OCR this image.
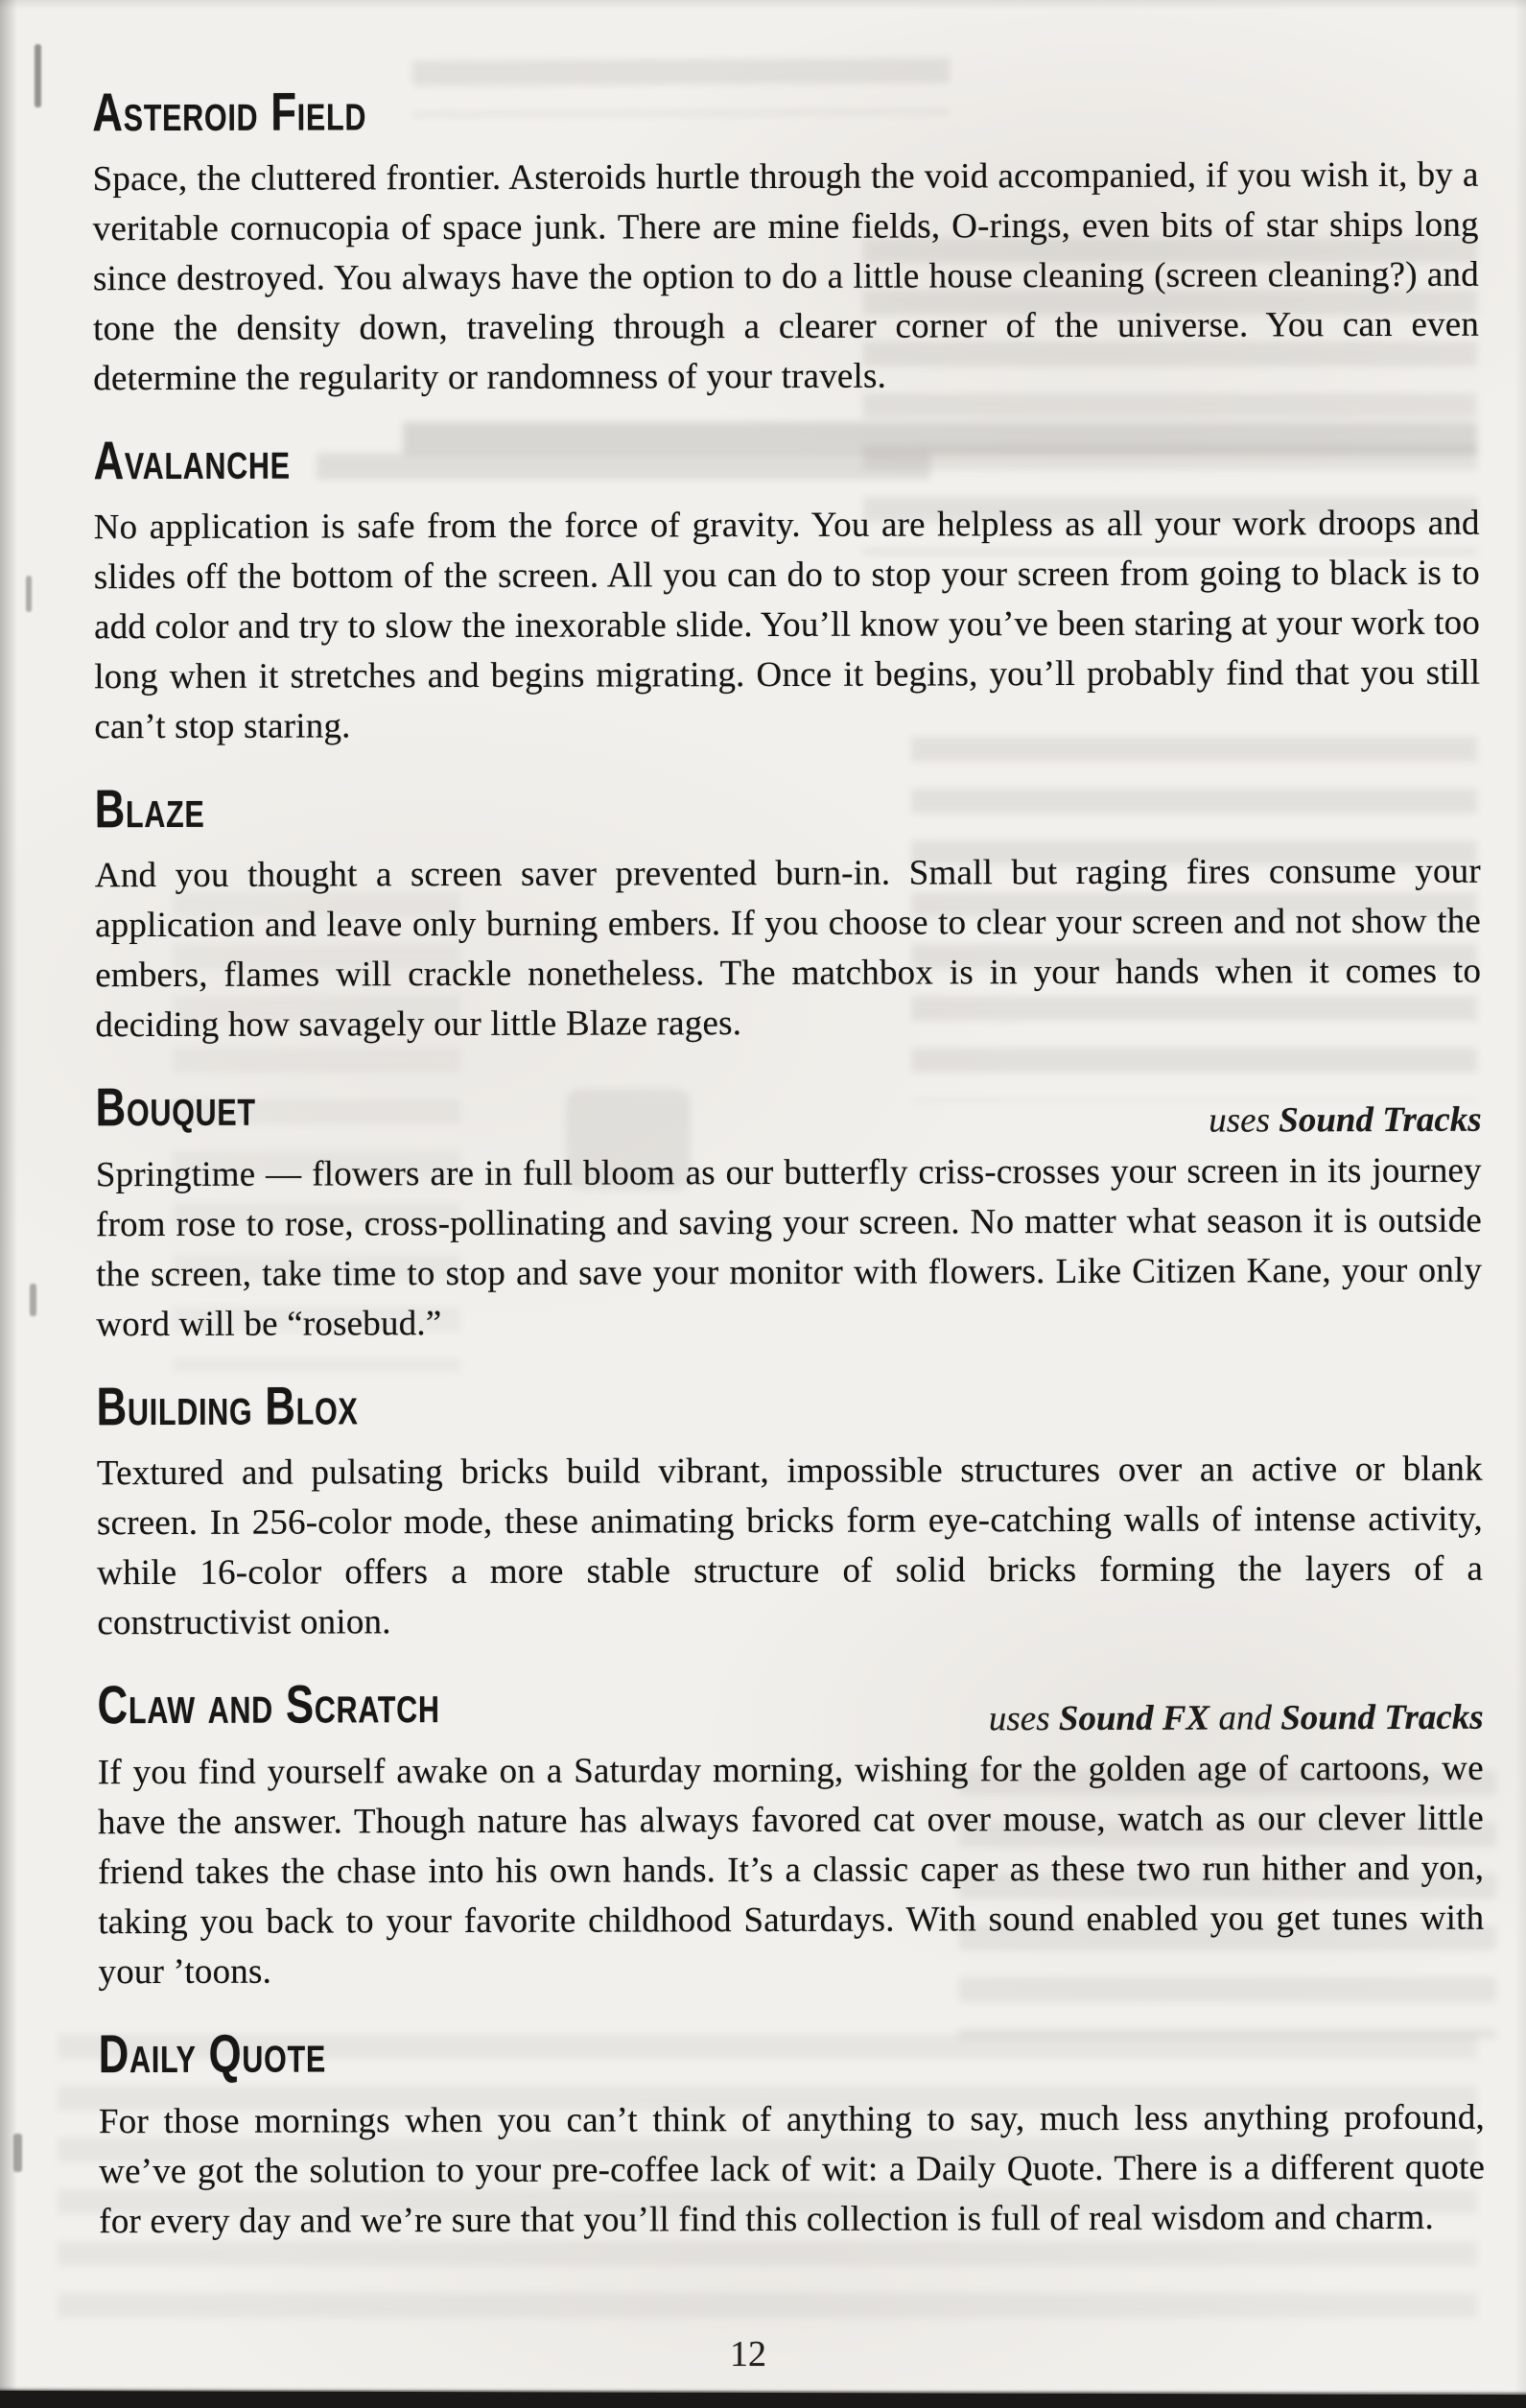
Asteroid Field

Space, the cluttered frontier. Asteroids hurtle through the void accompanied, if you wish it, by a veritable cornucopia of space junk. There are mine fields, O-rings, even bits of star ships long since destroyed. You always have the option to do a little house cleaning (screen cleaning?) and tone the density down, traveling through a clearer corner of the universe. You can even determine the regularity or randomness of your travels.

Avalanche

No application is safe from the force of gravity. You are helpless as all your work droops and slides off the bottom of the screen. All you can do to stop your screen from going to black is to add color and try to slow the inexorable slide. You’ll know you’ve been staring at your work too long when it stretches and begins migrating. Once it begins, you’ll probably find that you still can’t stop staring.

Blaze

And you thought a screen saver prevented burn-in. Small but raging fires consume your application and leave only burning embers. If you choose to clear your screen and not show the embers, flames will crackle nonetheless. The matchbox is in your hands when it comes to deciding how savagely our little Blaze rages.

Bouquet	uses Sound Tracks

Springtime — flowers are in full bloom as our butterfly criss-crosses your screen in its journey from rose to rose, cross-pollinating and saving your screen. No matter what season it is outside the screen, take time to stop and save your monitor with flowers. Like Citizen Kane, your only word will be “rosebud.”

Building Blox

Textured and pulsating bricks build vibrant, impossible structures over an active or blank screen. In 256-color mode, these animating bricks form eye-catching walls of intense activity, while 16-color offers a more stable structure of solid bricks forming the layers of a constructivist onion.

Claw and Scratch	uses Sound FX and Sound Tracks

If you find yourself awake on a Saturday morning, wishing for the golden age of cartoons, we have the answer. Though nature has always favored cat over mouse, watch as our clever little friend takes the chase into his own hands. It’s a classic caper as these two run hither and yon, taking you back to your favorite childhood Saturdays. With sound enabled you get tunes with your ’toons.

Daily Quote

For those mornings when you can’t think of anything to say, much less anything profound, we’ve got the solution to your pre-coffee lack of wit: a Daily Quote. There is a different quote for every day and we’re sure that you’ll find this collection is full of real wisdom and charm.

12
